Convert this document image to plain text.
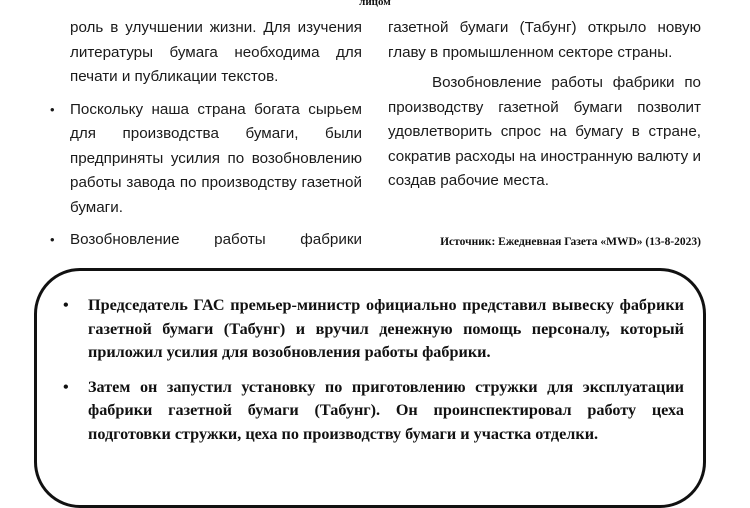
лицом

роль в улучшении жизни. Для изучения литературы бумага необходима для печати и публикации текстов.

• Поскольку наша страна богата сырьем для производства бумаги, были предприняты усилия по возобновлению работы завода по производству газетной бумаги.

• Возобновление работы фабрики

газетной бумаги (Табунг) открыло новую главу в промышленном секторе страны.

Возобновление работы фабрики по производству газетной бумаги позволит удовлетворить спрос на бумагу в стране, сократив расходы на иностранную валюту и создав рабочие места.

Источник: Ежедневная Газета «MWD» (13-8-2023)
• Председатель ГАС премьер-министр официально представил вывеску фабрики газетной бумаги (Табунг) и вручил денежную помощь персоналу, который приложил усилия для возобновления работы фабрики.
• Затем он запустил установку по приготовлению стружки для эксплуатации фабрики газетной бумаги (Табунг). Он проинспектировал работу цеха подготовки стружки, цеха по производству бумаги и участка отделки.
